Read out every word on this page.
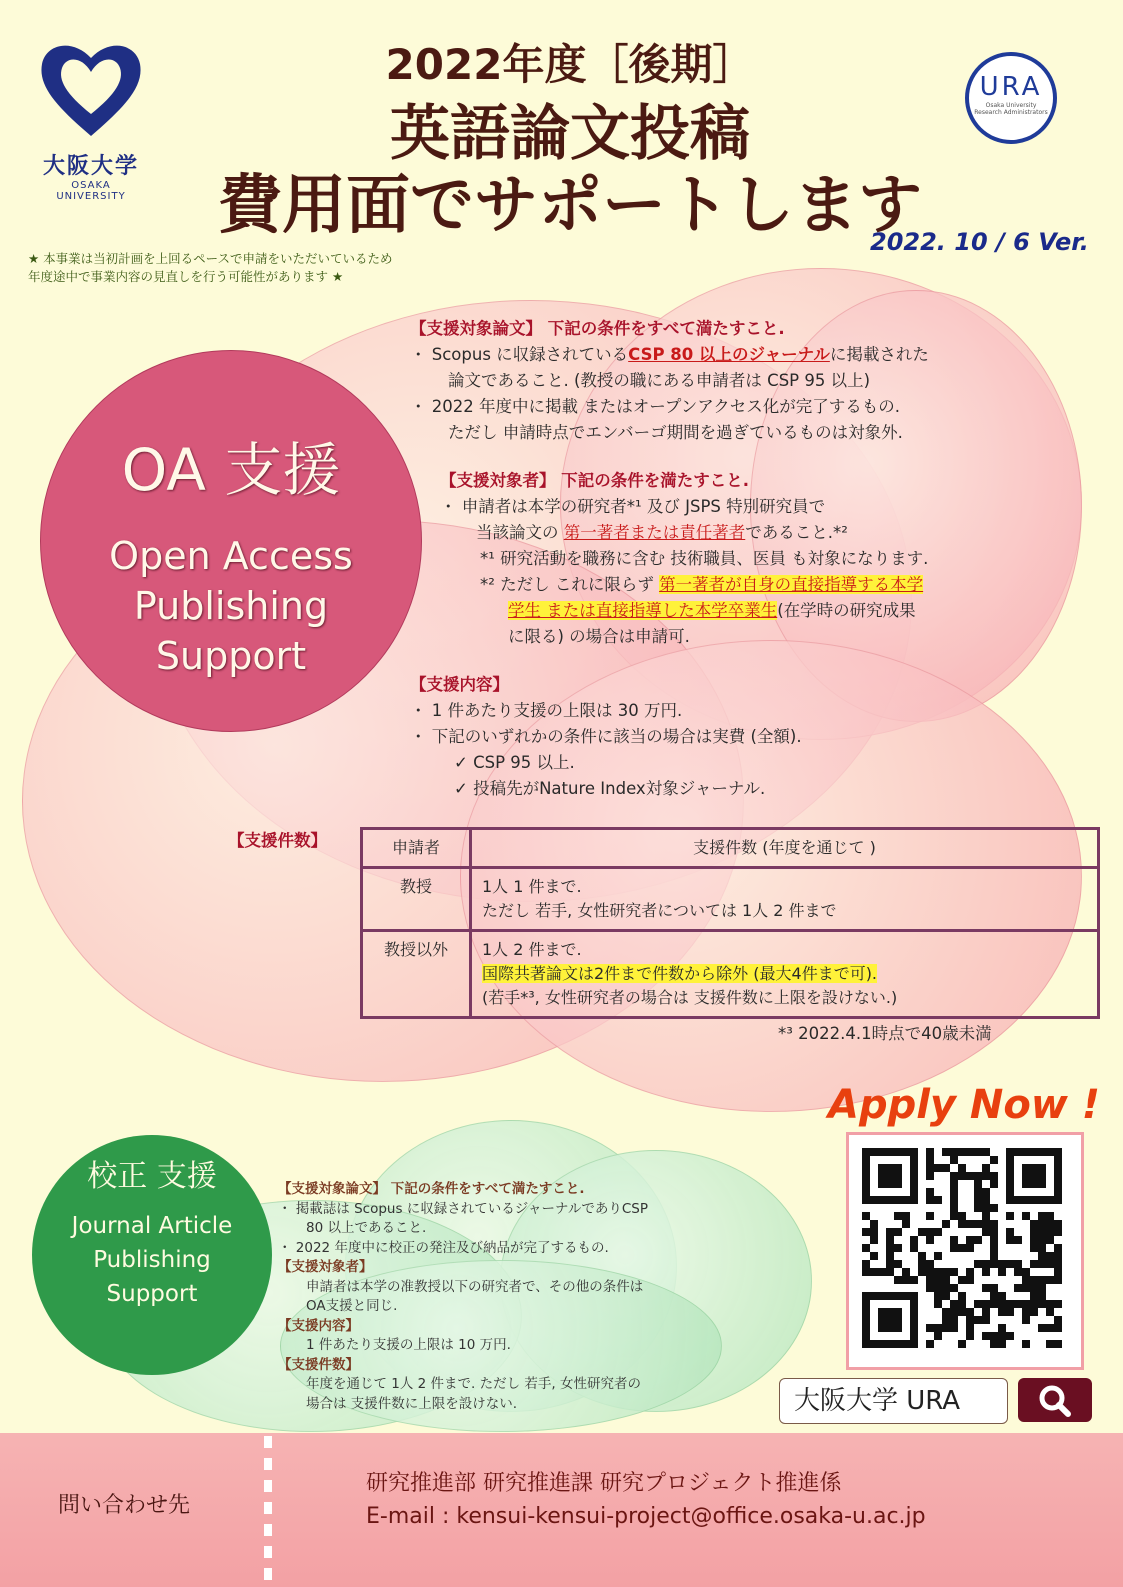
大阪大学
OSAKA UNIVERSITY
2022年度［後期］
英語論文投稿
費用面でサポートします
URA
Osaka University
Research Administrators
2022. 10 / 6 Ver.
★ 本事業は当初計画を上回るペースで申請をいただいているため
年度途中で事業内容の見直しを行う可能性があります ★
OA 支援
Open Access
Publishing
Support
【支援対象論文】 下記の条件をすべて満たすこと.
・ Scopus に収録されているCSP 80 以上のジャーナルに掲載された
論文であること. (教授の職にある申請者は CSP 95 以上)
・ 2022 年度中に掲載 またはオープンアクセス化が完了するもの.
ただし 申請時点でエンバーゴ期間を過ぎているものは対象外.
【支援対象者】 下記の条件を満たすこと.
・ 申請者は本学の研究者*¹ 及び JSPS 特別研究員で
当該論文の 第一著者または責任著者であること.*²
*¹ 研究活動を職務に含む 技術職員、医員 も対象になります.
*² ただし これに限らず 第一著者が自身の直接指導する本学
学生 または直接指導した本学卒業生(在学時の研究成果
に限る) の場合は申請可.
【支援内容】
・ 1 件あたり支援の上限は 30 万円.
・ 下記のいずれかの条件に該当の場合は実費 (全額).
✓ CSP 95 以上.
✓ 投稿先がNature Index対象ジャーナル.
【支援件数】	申請者	支援件数 (年度を通じて )
教授	1人 1 件まで.
ただし 若手, 女性研究者については 1人 2 件まで

教授以外	1人 2 件まで.
国際共著論文は2件まで件数から除外 (最大4件まで可).
(若手*³, 女性研究者の場合は 支援件数に上限を設けない.)
*³ 2022.4.1時点で40歳未満
校正 支援
Journal Article
Publishing
Support
【支援対象論文】 下記の条件をすべて満たすこと.
・ 掲載誌は Scopus に収録されているジャーナルでありCSP
80 以上であること.
・ 2022 年度中に校正の発注及び納品が完了するもの.
【支援対象者】
申請者は本学の准教授以下の研究者で、その他の条件は
OA支援と同じ.
【支援内容】
1 件あたり支援の上限は 10 万円.
【支援件数】
年度を通じて 1人 2 件まで. ただし 若手, 女性研究者の
場合は 支援件数に上限を設けない.
Apply Now !
大阪大学 URA
問い合わせ先
研究推進部 研究推進課 研究プロジェクト推進係
E-mail : kensui-kensui-project@office.osaka-u.ac.jp
